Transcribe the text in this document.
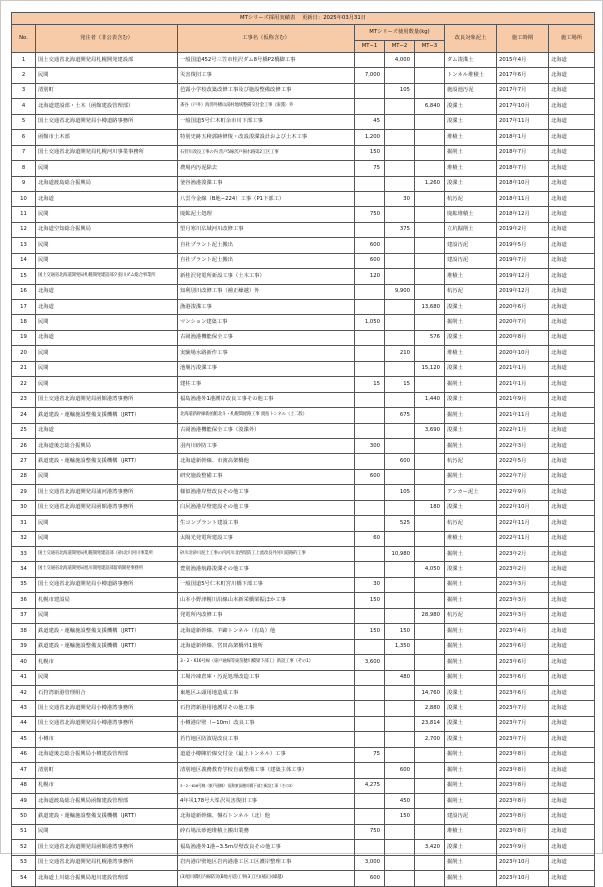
MTシリーズ採用実績表 更新日：2025年03月31日								
No.	発注者（非公表含む）	工事名（仮称含む）	MTシリーズ使用数量(kg)			改良対象泥土	施工時期	施工場所
			MT−1	MT−2	MT−3			
1	国土交通省北海道開発局札幌開発建設部	一般国道452号三笠市桂沢ダム8号橋P2橋脚工事		4,000		ダム浚渫土	2015年4月	北海道
2	民間	災害復旧工事	7,000			トンネル堆積土	2017年6月	北海道
3	清別町	芭露小学校改築改修工事及び施設整備改修工事		105		施設池汚泥	2017年7月	北海道
4	北海道建設部・土木（函館建設管理部）	斎谷（戸井）海湾外横山湯村地域整備交付金工事（浚渫）外			6,840	浚渫土	2017年10月	北海道
5	国土交通省北海道開発局小樽道路事務所	一般国道5号仁木町余市川下部工事	45			浚渫土	2017年11月	北海道
6	函館市土木部	特別史跡五稜郭跡修復・改設浚渫設計および土木工事	1,200			堆積土	2018年1月	北海道
7	国土交通省北海道開発局札幌河川事業事務所	石狩川改良工事の内 茨戸5線茨戸揚水路第2工区工事	150			掘削土	2018年7月	北海道
8	民間	農場内汚泥除去	75			堆積土	2018年7月	北海道
9	北海道渡島総合振興局	釜谷漁港浚渫工事			1,260	浚渫土	2018年10月	北海道
10	北海道	八雲今金線（B地−224）工事（P1下部工）		30		杭汚泥	2018年11月	北海道
11	民間	廃鉱泥土処理	750			廃鉱堆積土	2018年12月	北海道
12	北海道空知総合振興局	望月寒川広域河川改修工事		375		立坑掘削土	2019年2月	北海道
13	民間	自社プラント泥土搬出	600			建設汚泥	2019年5月	北海道
14	民間	自社プラント泥土搬出	600			建設汚泥	2019年7月	北海道
15	国土交通省北海道開発局札幌開発建設部夕張川ダム総合事業所	新桂沢発電所新設工事（土木工事）	120			堆積土	2019年12月	北海道
16	北海道	知利別川改修工事（補正繰越）外		9,900		杭汚泥	2019年12月	北海道
17	北海道	漁港浚渫工事			13,680	浚渫土	2020年6月	北海道
18	民間	マンション建築工事	1,050			掘削土	2020年7月	北海道
19	北海道	古岡漁港機能保全工事			576	浚渫土	2020年8月	北海道
20	民間	実験場水路新作工事		210		堆積土	2020年10月	北海道
21	民間	池堰汚浚渫工事			15,120	浚渫土	2021年1月	北海道
22	民間	建柱工事	15	15		掘削土	2021年1月	北海道
23	国土交通省北海道開発局函館港湾事務所	福島漁港外1港護岸改良工事その他工事			1,440	浚渫土	2021年9月	北海道
24	鉄道建設・運輸施設整備支援機構（JRTT）	北海道新幹線新函館北斗・札幌間経路工事 渡島トンネル（上二股）		675		掘削土	2021年11月	北海道
25	北海道	古岡漁港機能保全工事（浚渫外）			3,690	浚渫土	2022年1月	北海道
26	北海道後志総合振興局	羽内川砂防工事	300			掘削土	2022年3月	北海道
27	鉄道建設・運輸施設整備支援機構（JRTT）	北海道新幹線、市渡高架橋他		600		杭汚泥	2022年5月	北海道
28	民間	研究施設整備工事	600			掘削土	2022年7月	北海道
29	国土交通省北海道開発局浦河港湾事務所	様似漁港岸壁改良その他工事		105		アンカー泥土	2022年9月	北海道
30	国土交通省北海道開発局函館港湾事務所	臼尻漁港岸壁建設その他工事			180	浚渫土	2022年10月	北海道
31	民間	生コンプラント建設工事		525		杭汚泥	2022年11月	北海道
32	民間	太陽光発電所建設工事	60			堆積土	2022年11月	北海道
33	国土交通省北海道開発局札幌開発建設部（砂)北川河川事業所	砂川北砂川泥土工事の内河川北西堤防工上流改良外河川道路的工事		10,980		掘削土	2023年2月	北海道
34	国土交通省北海道開発局旭川開発建設部留萌開発事務所	豊別漁港航路浚渫その他工事			4,050	浚渫土	2023年2月	北海道
35	国土交通省北海道開発局小樽道路事務所	一般国道5号仁木町宮川橋下部工事	30			掘削土	2023年3月	北海道
36	札幌市建設局	山本小野津幌川沿線山本新栄橋梁振ほか工事	150			掘削土	2023年3月	北海道
37	民間	発電所内改修工事			28,980	杭汚泥	2023年3月	北海道
38	鉄道建設・運輸施設整備支援機構（JRTT）	北海道新幹線、羊蹄トンネル（有島）他	150	150		掘削土	2023年4月	北海道
39	鉄道建設・運輸施設整備支援機構（JRTT）	北海道新幹線、宮田高架橋外1箇所		1,350		掘削土	2023年6月	北海道
40	札幌市	3・2・616号線（東戸通線等東苗穂川橋梁下部工）新設工事（その1）	3,600			掘削土	2023年6月	北海道
41	民間	工場冷凍倉庫・汚泥処理改造工事		480		掘削土	2023年6月	北海道
42	石狩湾新港管理組合	東地区ふ頭用地造成工事			14,760	浚渫土	2023年6月	北海道
43	国土交通省北海道開発局小樽港湾事務所	石狩湾新港用地護岸その他工事			2,880	浚渫土	2023年7月	北海道
44	国土交通省北海道開発局小樽港湾事務所	小樽港岸壁（−10m）改良工事			23,814	浚渫土	2023年7月	北海道
45	小樽市	若竹地区防波堤改良工事			2,700	浚渫土	2023年7月	北海道
46	北海道後志総合振興局小樽建設管理部	道道小樽陳於線交付金（最上トンネル）工事	75			掘削土	2023年8月	北海道
47	清別町	清別地区義務教育学校自前整備工事（建築主体工事）		600		掘削土	2023年8月	北海道
48	札幌市	3・2・616号線（東戸通線） 仮称東苗穂川橋下部工新設工事（その3）	4,275			掘削土	2023年8月	北海道
49	北海道渡島総合振興局函館建設管理部	4年災178号大峯沢災害復旧工事		450		掘削土	2023年8月	北海道
50	鉄道建設・運輸施設整備支援機構（JRTT）	北海道新幹線、盤石トンネル（北）他		150		建設汚泥	2023年8月	北海道
51	民間	砕石場汰砂池堆積土搬出業務	750			堆積土	2023年8月	北海道
52	国土交通省北海道開発局函館港湾事務所	福島漁港外1港−3.5m岸壁改良その他工事			3,420	浚渫土	2023年9月	北海道
53	国土交通省北海道開発局札幌港湾事務所	岩内港岸壁地区岩内港港工区工区護岸整理工事	3,000			掘削土	2023年10月	北海道
54	北海道上川総合振興局旭川建設管理部	(3)旭川橋紅内線防災(B地方道)工事(3工区)(補正)(繰越)	600			掘削土	2023年10月	北海道
